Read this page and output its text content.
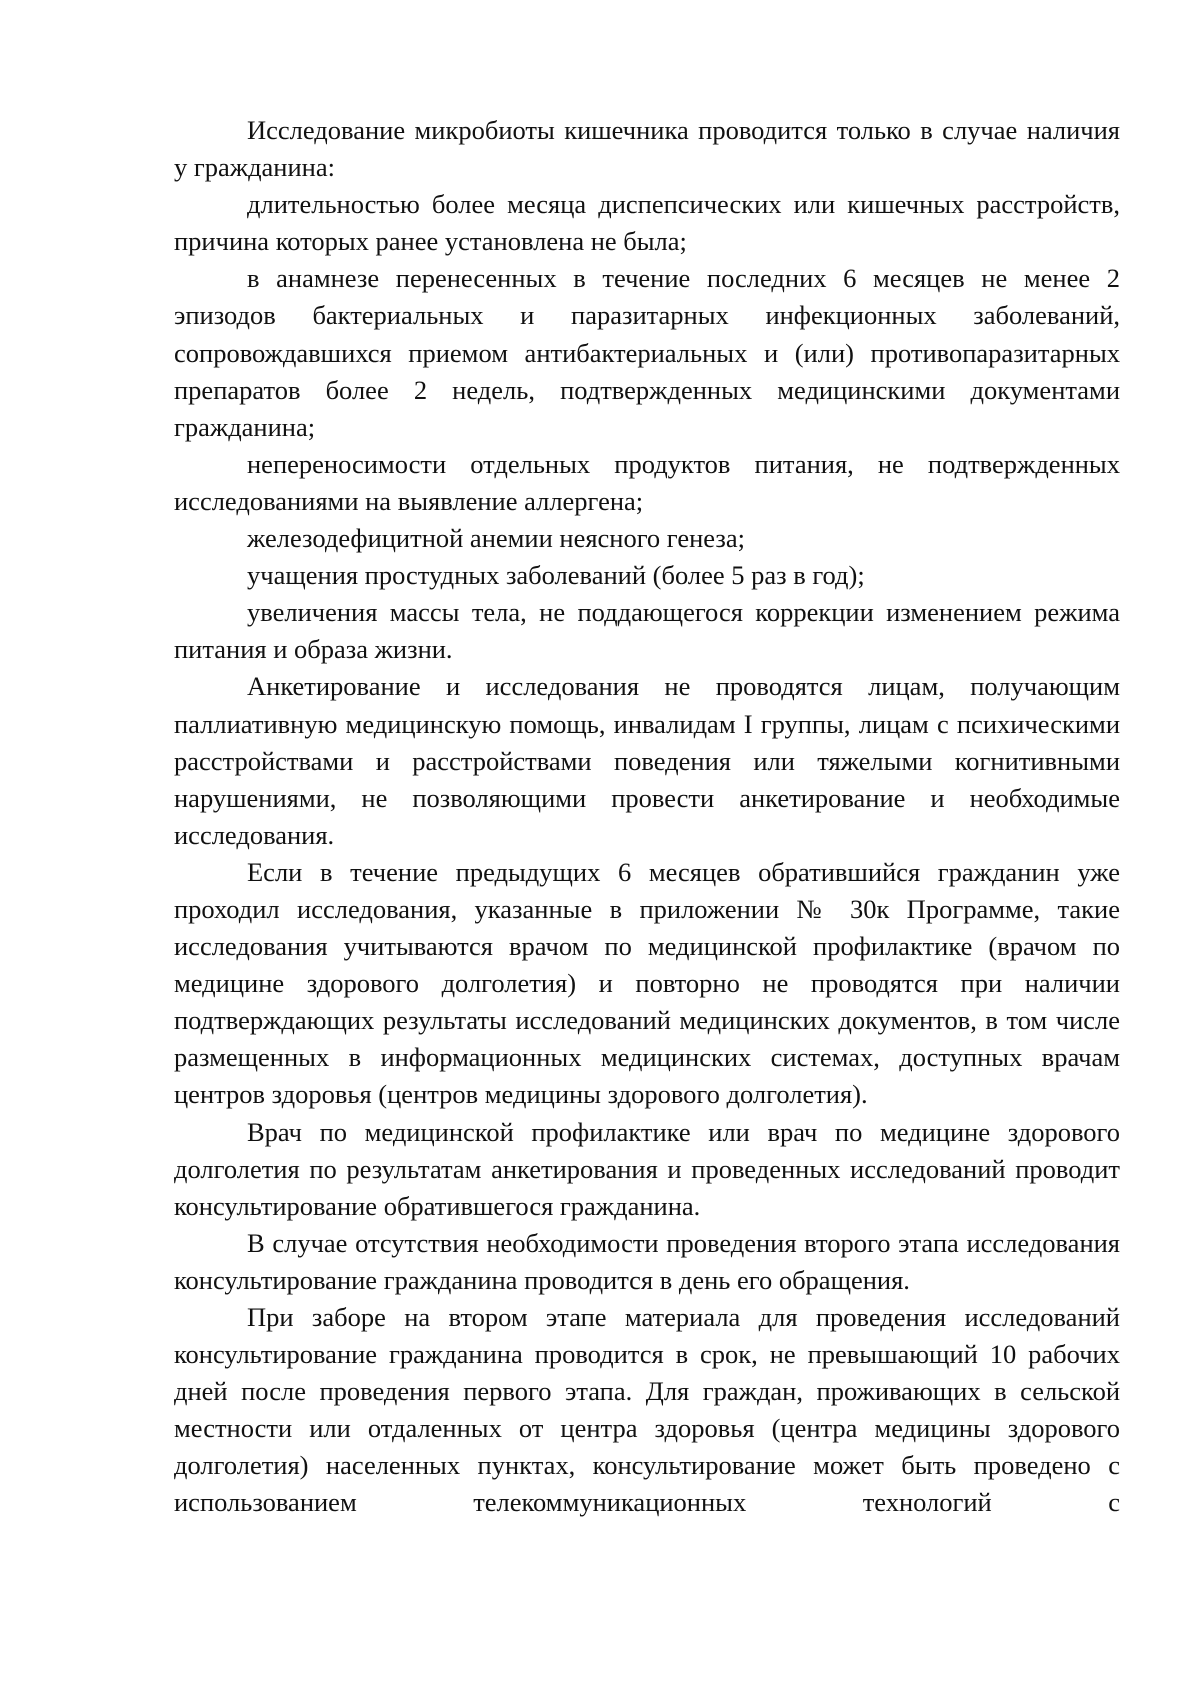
Исследование микробиоты кишечника проводится только в случае наличия у гражданина:

длительностью более месяца диспепсических или кишечных расстройств, причина которых ранее установлена не была;

в анамнезе перенесенных в течение последних 6 месяцев не менее 2 эпизодов бактериальных и паразитарных инфекционных заболеваний, сопровождавшихся приемом антибактериальных и (или) противопаразитарных препаратов более 2 недель, подтвержденных медицинскими документами гражданина;

непереносимости отдельных продуктов питания, не подтвержденных исследованиями на выявление аллергена;

железодефицитной анемии неясного генеза;

учащения простудных заболеваний (более 5 раз в год);

увеличения массы тела, не поддающегося коррекции изменением режима питания и образа жизни.

Анкетирование и исследования не проводятся лицам, получающим паллиативную медицинскую помощь, инвалидам I группы, лицам с психическими расстройствами и расстройствами поведения или тяжелыми когнитивными нарушениями, не позволяющими провести анкетирование и необходимые исследования.

Если в течение предыдущих 6 месяцев обратившийся гражданин уже проходил исследования, указанные в приложении № 30к Программе, такие исследования учитываются врачом по медицинской профилактике (врачом по медицине здорового долголетия) и повторно не проводятся при наличии подтверждающих результаты исследований медицинских документов, в том числе размещенных в информационных медицинских системах, доступных врачам центров здоровья (центров медицины здорового долголетия).

Врач по медицинской профилактике или врач по медицине здорового долголетия по результатам анкетирования и проведенных исследований проводит консультирование обратившегося гражданина.

В случае отсутствия необходимости проведения второго этапа исследования консультирование гражданина проводится в день его обращения.

При заборе на втором этапе материала для проведения исследований консультирование гражданина проводится в срок, не превышающий 10 рабочих дней после проведения первого этапа. Для граждан, проживающих в сельской местности или отдаленных от центра здоровья (центра медицины здорового долголетия) населенных пунктах, консультирование может быть проведено с использованием телекоммуникационных технологий с
